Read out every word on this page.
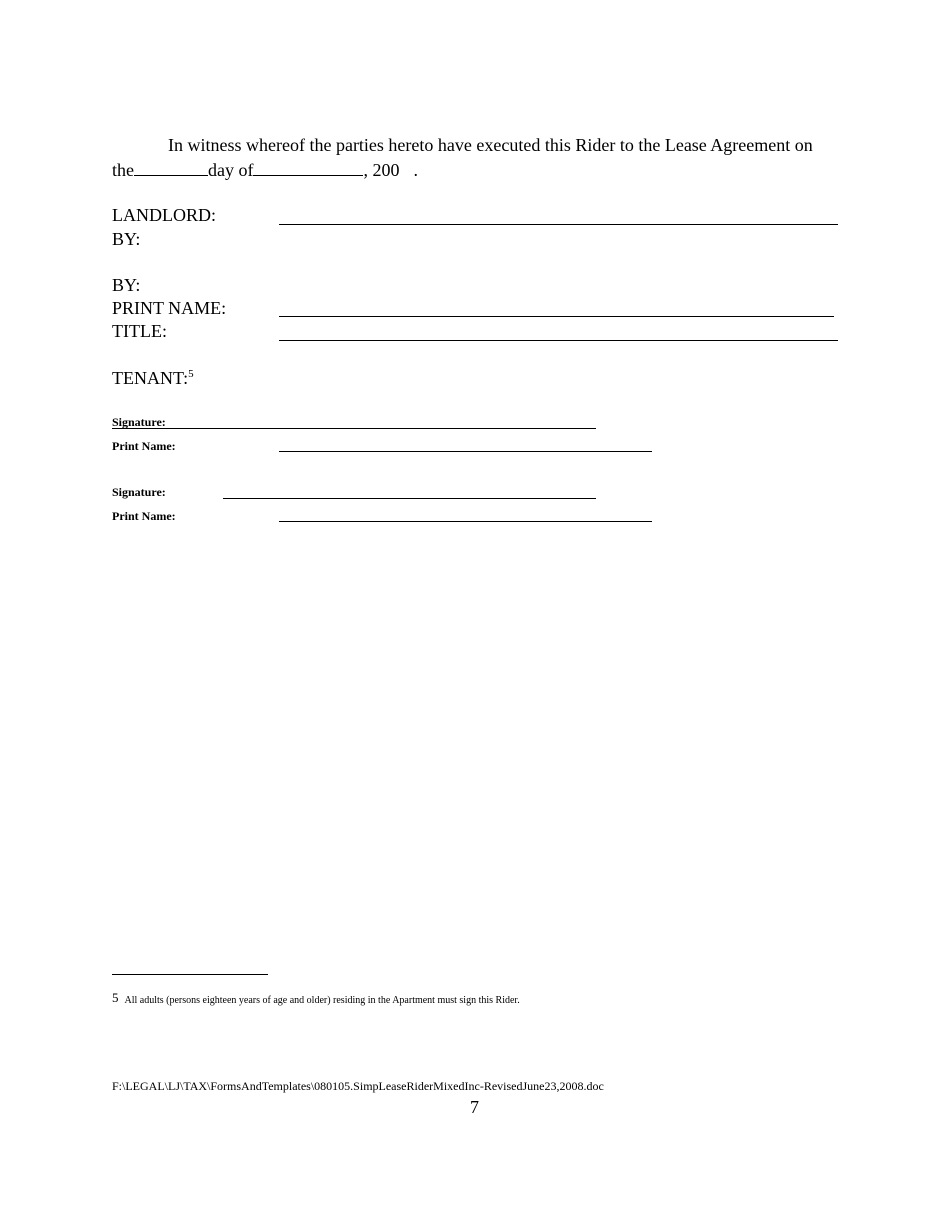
In witness whereof the parties hereto have executed this Rider to the Lease Agreement on
the	day of	, 200 .
LANDLORD:
BY:
BY:
PRINT NAME:
TITLE:
TENANT:$^5$
Signature:
Print Name:
Signature:
Print Name:
$^5$ All adults (persons eighteen years of age and older) residing in the Apartment must sign this Rider.
F:\LEGAL\LJ\TAX\FormsAndTemplates\080105.SimpLeaseRiderMixedInc-RevisedJune23,2008.doc
7
